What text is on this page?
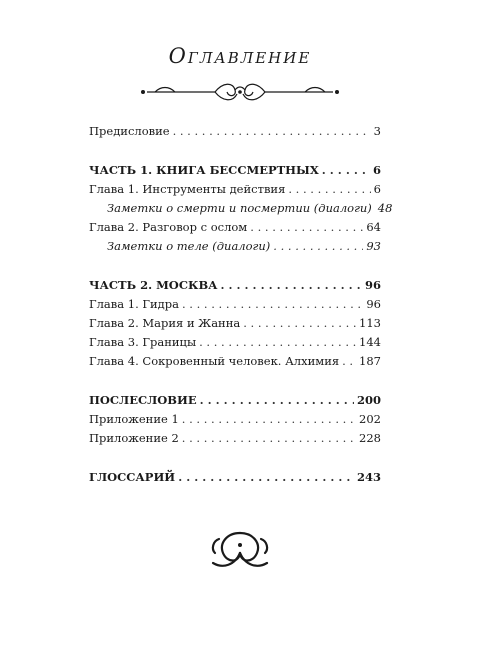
Оглавление
Предисловие . . .	3
ЧАСТЬ 1. КНИГА БЕССМЕРТНЫХ . . .	6
Глава 1. Инструменты действия . . .	6
Заметки о смерти и посмертии (диалоги) 48
Глава 2. Разговор с ослом . . .	64
Заметки о теле (диалоги) . . .	93
ЧАСТЬ 2. МОСКВА . . .	96
Глава 1. Гидра . . .	96
Глава 2. Мария и Жанна . . .	113
Глава 3. Границы . . .	144
Глава 4. Сокровенный человек. Алхимия . . . 187
ПОСЛЕСЛОВИЕ . . .	200
Приложение 1 . . .	202
Приложение 2 . . .	228
ГЛОССАРИЙ . . .	243
